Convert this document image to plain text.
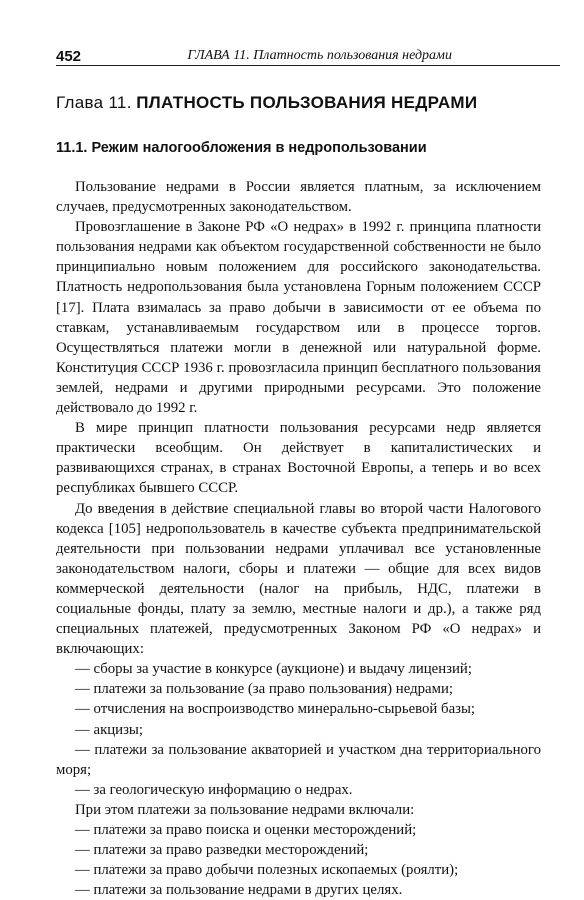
452	ГЛАВА 11. Платность пользования недрами
Глава 11. ПЛАТНОСТЬ ПОЛЬЗОВАНИЯ НЕДРАМИ
11.1. Режим налогообложения в недропользовании

Пользование недрами в России является платным, за исключением случаев, предусмотренных законодательством.

Провозглашение в Законе РФ «О недрах» в 1992 г. принципа платности пользования недрами как объектом государственной собственности не было принципиально новым положением для российского законодательства. Платность недропользования была установлена Горным положением СССР [17]. Плата взималась за право добычи в зависимости от ее объема по ставкам, устанавливаемым государством или в процессе торгов. Осуществляться платежи могли в денежной или натуральной форме. Конституция СССР 1936 г. провозгласила принцип бесплатного пользования землей, недрами и другими природными ресурсами. Это положение действовало до 1992 г.

В мире принцип платности пользования ресурсами недр является практически всеобщим. Он действует в капиталистических и развивающихся странах, в странах Восточной Европы, а теперь и во всех республиках бывшего СССР.

До введения в действие специальной главы во второй части Налогового кодекса [105] недропользователь в качестве субъекта предпринимательской деятельности при пользовании недрами уплачивал все установленные законодательством налоги, сборы и платежи — общие для всех видов коммерческой деятельности (налог на прибыль, НДС, платежи в социальные фонды, плату за землю, местные налоги и др.), а также ряд специальных платежей, предусмотренных Законом РФ «О недрах» и включающих:

— сборы за участие в конкурсе (аукционе) и выдачу лицензий;

— платежи за пользование (за право пользования) недрами;

— отчисления на воспроизводство минерально-сырьевой базы;

— акцизы;

— платежи за пользование акваторией и участком дна территориального моря;

— за геологическую информацию о недрах.

При этом платежи за пользование недрами включали:

— платежи за право поиска и оценки месторождений;

— платежи за право разведки месторождений;

— платежи за право добычи полезных ископаемых (роялти);

— платежи за пользование недрами в других целях.
